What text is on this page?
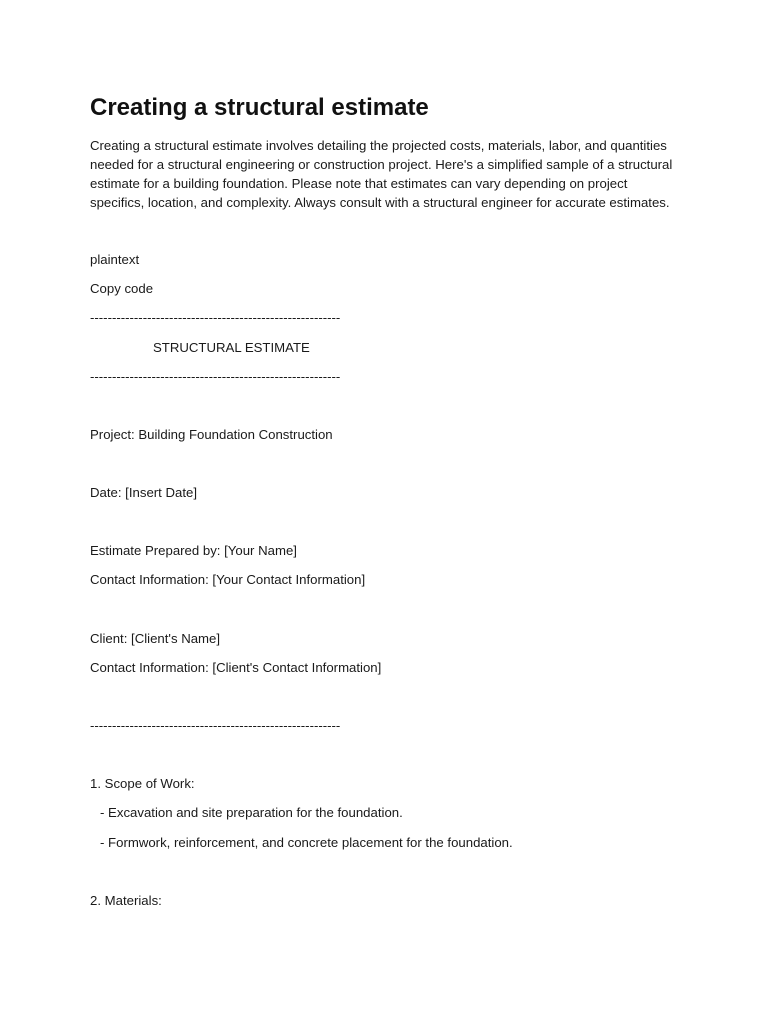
Creating a structural estimate

Creating a structural estimate involves detailing the projected costs, materials, labor, and quantities needed for a structural engineering or construction project. Here's a simplified sample of a structural estimate for a building foundation. Please note that estimates can vary depending on project specifics, location, and complexity. Always consult with a structural engineer for accurate estimates.

plaintext
Copy code
---------------------------------------------------------
STRUCTURAL ESTIMATE
---------------------------------------------------------
Project: Building Foundation Construction
Date: [Insert Date]
Estimate Prepared by: [Your Name]
Contact Information: [Your Contact Information]
Client: [Client's Name]
Contact Information: [Client's Contact Information]
---------------------------------------------------------
1. Scope of Work:
- Excavation and site preparation for the foundation.
- Formwork, reinforcement, and concrete placement for the foundation.
2. Materials:
